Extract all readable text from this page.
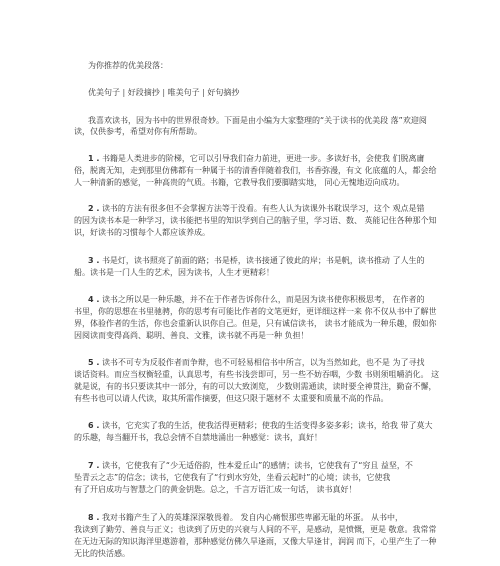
为你推荐的优美段落：
优美句子 | 好段摘抄 | 唯美句子 | 好句摘抄
我喜欢读书，因为书中的世界很奇妙。下面是由小编为大家整理的“关于读书的优美段 落”欢迎阅
读，仅供参考，希望对你有所帮助。
1 . 书籍是人类进步的阶梯，它可以引导我们奋力前进，更进一步。多读好书，会使我 们脱离庸
俗，脱离无知，走到那里仿佛都有一种属于书的清香伴随着我们，书香弥漫，有文 化底蕴的人，都会给
人一种清新的感觉，一种高贵的气质。书籍，它教导我们要脚踏实地， 同心无愧地迈向成功。
2 . 读书的方法有很多但不会掌握方法等于没看。有些人认为读课外书耽误学习，这个 观点是错
的因为读书本是一种学习，读书能把书里的知识学到自己的脑子里，学习语、数、 英能记住各种那个知
识，好读书的习惯每个人都应该养成。
3 . 书是灯，读书照亮了前面的路；书是桥，读书接通了彼此的岸；书是帆，读书推动 了人生的
船。读书是一门人生的艺术，因为读书，人生才更精彩！
4 . 读书之所以是一种乐趣，并不在于作者告诉你什么，而是因为读书使你积极思考， 在作者的
书里，你的思想在书里驰骋，你的思考有可能比作者的文笔更好，更详细这样一来 你不仅从书中了解世
界，体验作者的生活，你也会重新认识你自己。但是，只有诚信读书， 读书才能成为一种乐趣，假如你
因阅读而变得高尚、聪明、善良、文雅，读书就不再是一种 负担！
5 . 读书不可专为反驳作者而争辩，也不可轻易相信书中所言，以为当然如此，也不是 为了寻找
谈话资料。而应当权衡轻重，认真思考，有些书浅尝即可，另一些不妨吞咽，少数 书则须咀嚼消化。 这
就是说，有的书只要读其中一部分，有的可以大致浏览， 少数则需通读，读时要全神贯注，勤奋不懈，
有些书也可以请人代读，取其所需作摘要，但这只限于题材不 太重要和质量不高的作品。
6 . 读书，它充实了我的生活，使我活得更精彩；使我的生活变得多姿多彩；读书，给我 带了莫大
的乐趣，每当翻开书，我总会情不自禁地涌出一种感觉：读书，真好！
7 . 读书，它使我有了“少无适俗韵，性本爱丘山”的感情；读书，它使我有了“穷且 益坚，不
坠青云之志”的信念；读书，它使我有了“行到水穷处，坐看云起时”的心境；读书，它使我
有了开启成功与智慧之门的黄金钥匙。总之，千言万语汇成一句话， 读书真好！
8 . 我对书籍产生了入的英雄深深敬畏着。 发自内心痛恨那些卑鄙无耻的坏蛋。 从书中，
我读到了勤劳、善良与正义；也读到了历史的兴衰与人间的不平，是感动，是愤慨，更是 敬意。我常常
在无边无际的知识海洋里遨游着，那种感觉仿佛久旱逢雨，又像大旱逢甘，润润 而下，心里产生了一种
无比的快活感。
